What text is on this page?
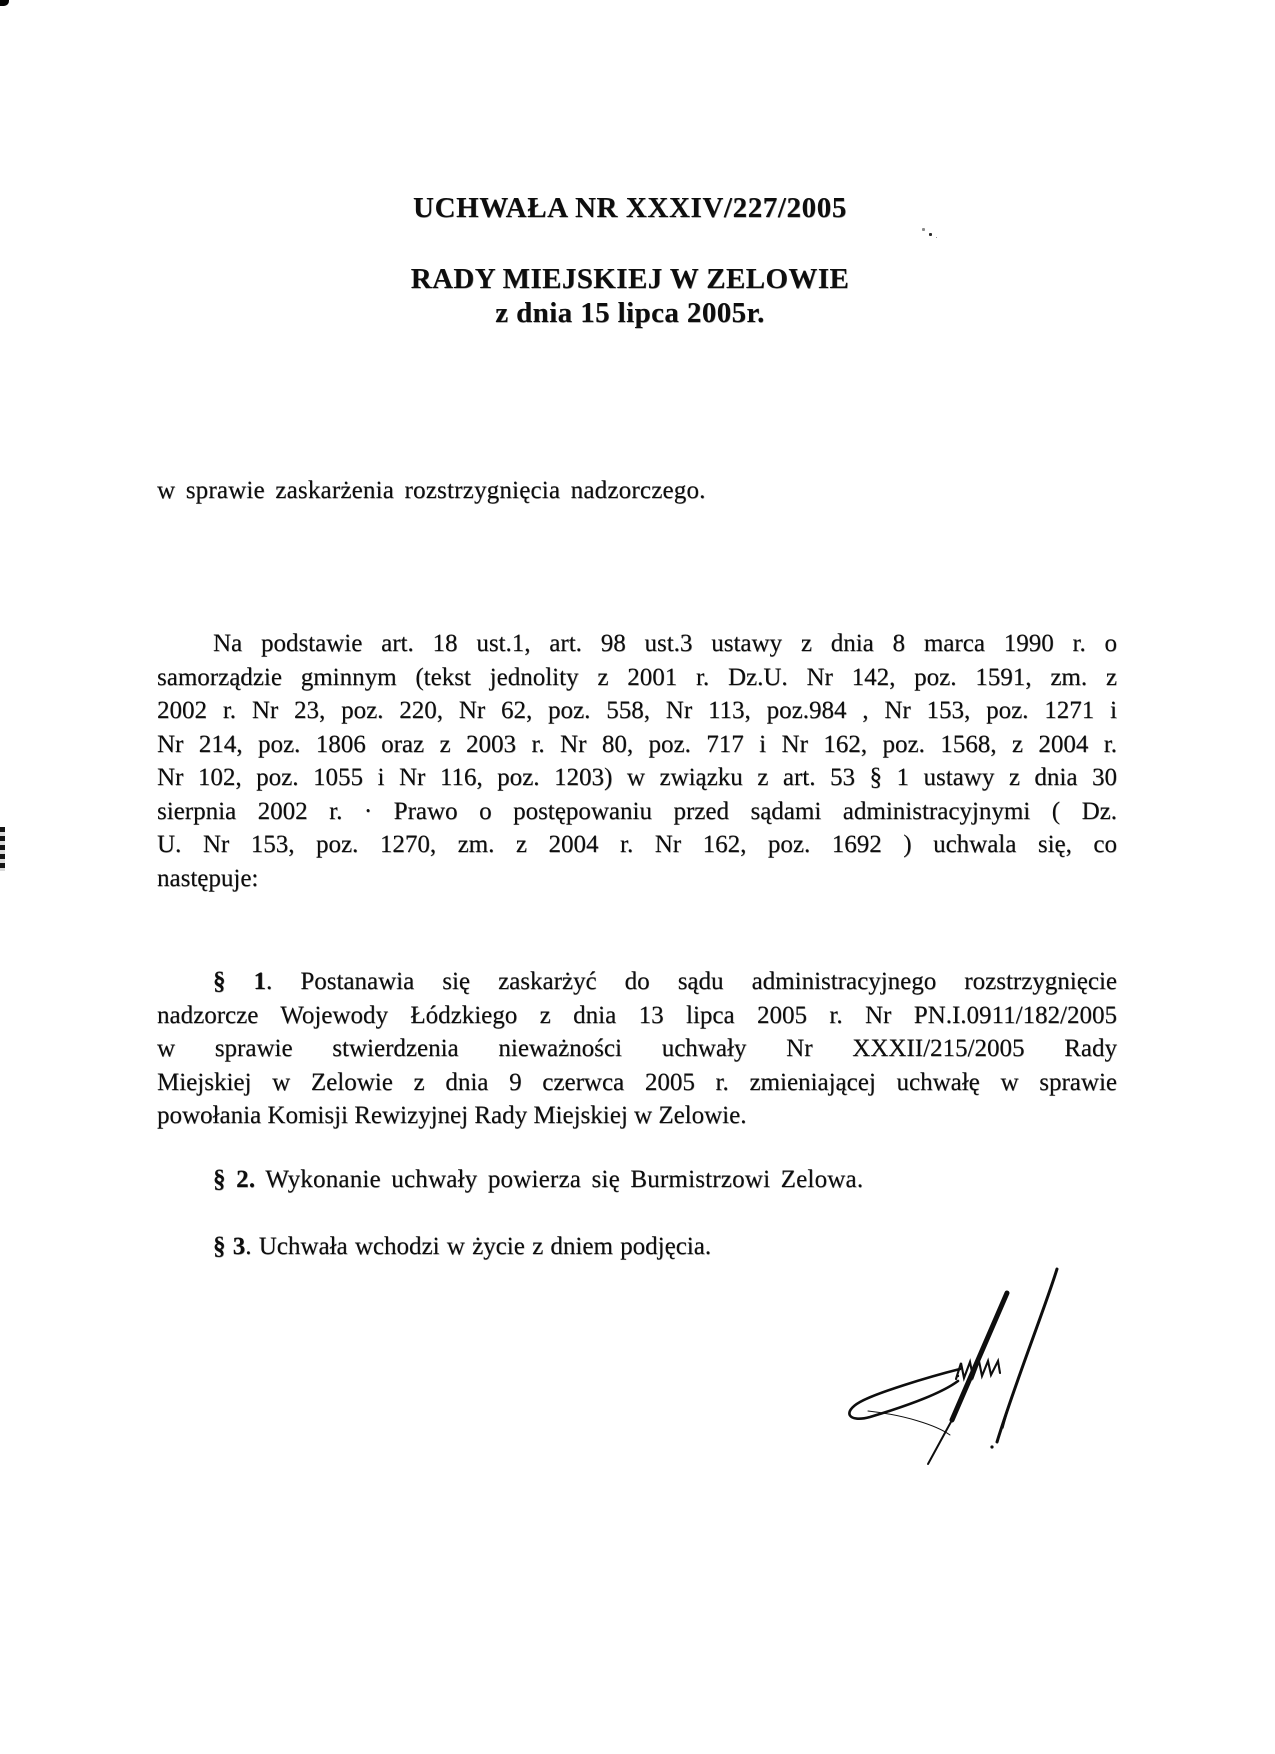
UCHWAŁA NR XXXIV/227/2005
RADY MIEJSKIEJ W ZELOWIE
z dnia 15 lipca 2005r.
w sprawie zaskarżenia rozstrzygnięcia nadzorczego.
Na podstawie art. 18 ust.1, art. 98 ust.3 ustawy z dnia 8 marca 1990 r. o
samorządzie gminnym (tekst jednolity z 2001 r. Dz.U. Nr 142, poz. 1591, zm. z
2002 r. Nr 23, poz. 220, Nr 62, poz. 558, Nr 113, poz.984 , Nr 153, poz. 1271 i
Nr 214, poz. 1806 oraz z 2003 r. Nr 80, poz. 717 i Nr 162, poz. 1568, z 2004 r.
Nr 102, poz. 1055 i Nr 116, poz. 1203) w związku z art. 53 § 1 ustawy z dnia 30
sierpnia 2002 r. · Prawo o postępowaniu przed sądami administracyjnymi ( Dz.
U. Nr 153, poz. 1270, zm. z 2004 r. Nr 162, poz. 1692 ) uchwala się, co
następuje:
§ 1. Postanawia się zaskarżyć do sądu administracyjnego rozstrzygnięcie
nadzorcze Wojewody Łódzkiego z dnia 13 lipca 2005 r. Nr PN.I.0911/182/2005
w sprawie stwierdzenia nieważności uchwały Nr XXXII/215/2005 Rady
Miejskiej w Zelowie z dnia 9 czerwca 2005 r. zmieniającej uchwałę w sprawie
powołania Komisji Rewizyjnej Rady Miejskiej w Zelowie.
§ 2. Wykonanie uchwały powierza się Burmistrzowi Zelowa.
§ 3. Uchwała wchodzi w życie z dniem podjęcia.
